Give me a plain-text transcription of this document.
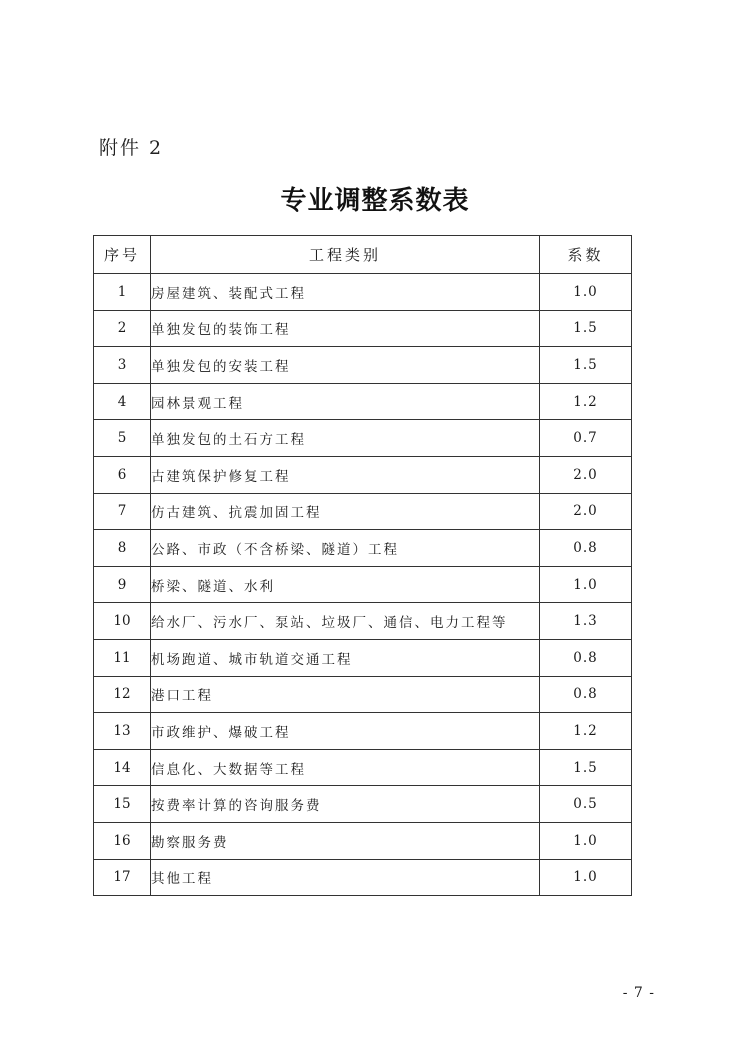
附件 2
专业调整系数表
序号	工程类别	系数
1	房屋建筑、装配式工程	1.0
2	单独发包的装饰工程	1.5
3	单独发包的安装工程	1.5
4	园林景观工程	1.2
5	单独发包的土石方工程	0.7
6	古建筑保护修复工程	2.0
7	仿古建筑、抗震加固工程	2.0
8	公路、市政（不含桥梁、隧道）工程	0.8
9	桥梁、隧道、水利	1.0
10	给水厂、污水厂、泵站、垃圾厂、通信、电力工程等	1.3
11	机场跑道、城市轨道交通工程	0.8
12	港口工程	0.8
13	市政维护、爆破工程	1.2
14	信息化、大数据等工程	1.5
15	按费率计算的咨询服务费	0.5
16	勘察服务费	1.0
17	其他工程	1.0
- 7 -
